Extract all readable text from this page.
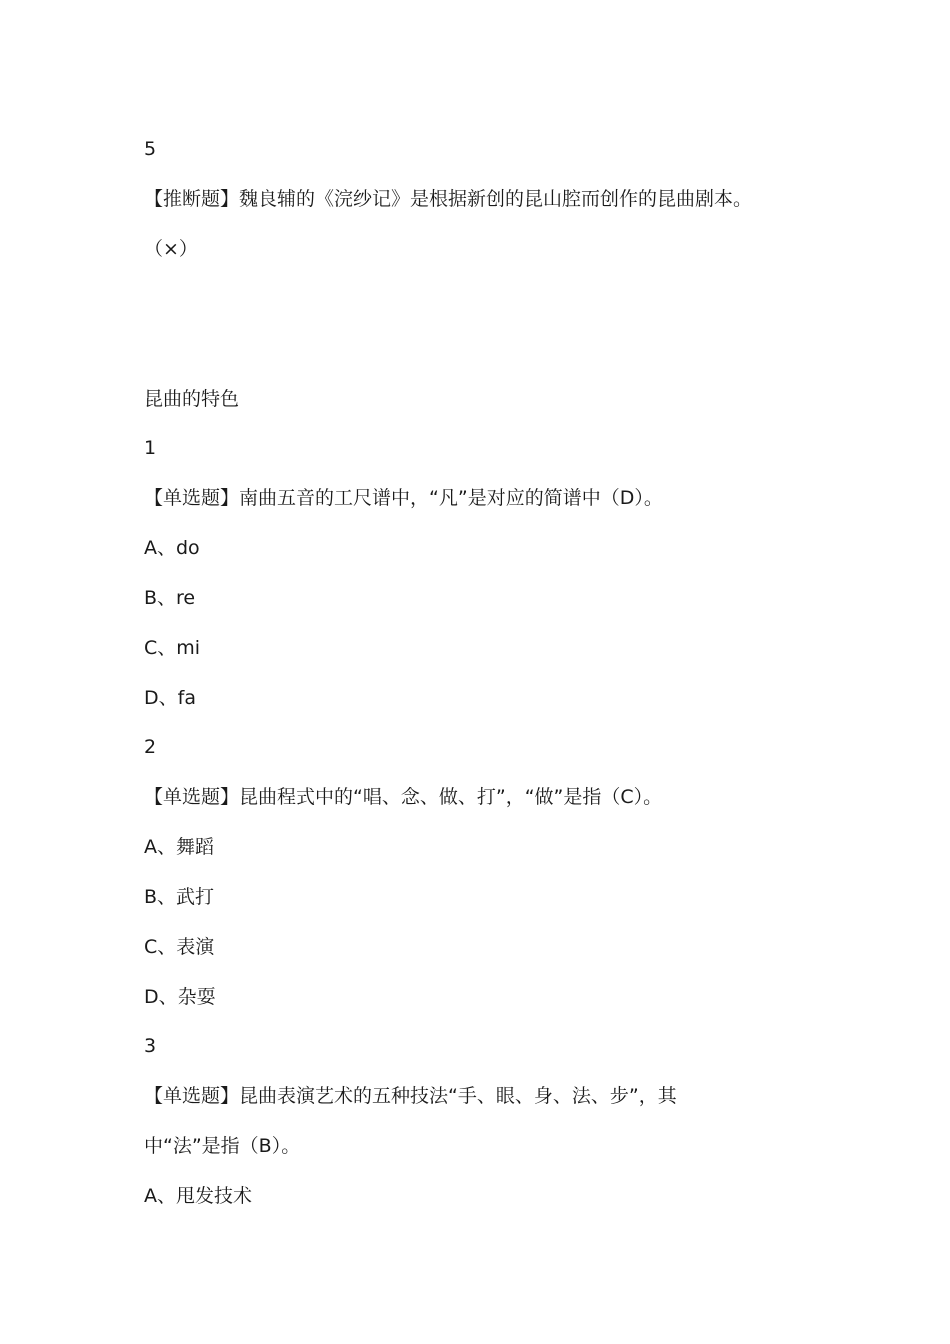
5
【推断题】魏良辅的《浣纱记》是根据新创的昆山腔而创作的昆曲剧本。
（×）
昆曲的特色
1
【单选题】南曲五音的工尺谱中，“凡”是对应的简谱中（D）。
A、do
B、re
C、mi
D、fa
2
【单选题】昆曲程式中的“唱、念、做、打”，“做”是指（C）。
A、舞蹈
B、武打
C、表演
D、杂耍
3
【单选题】昆曲表演艺术的五种技法“手、眼、身、法、步”，其
中“法”是指（B）。
A、甩发技术
